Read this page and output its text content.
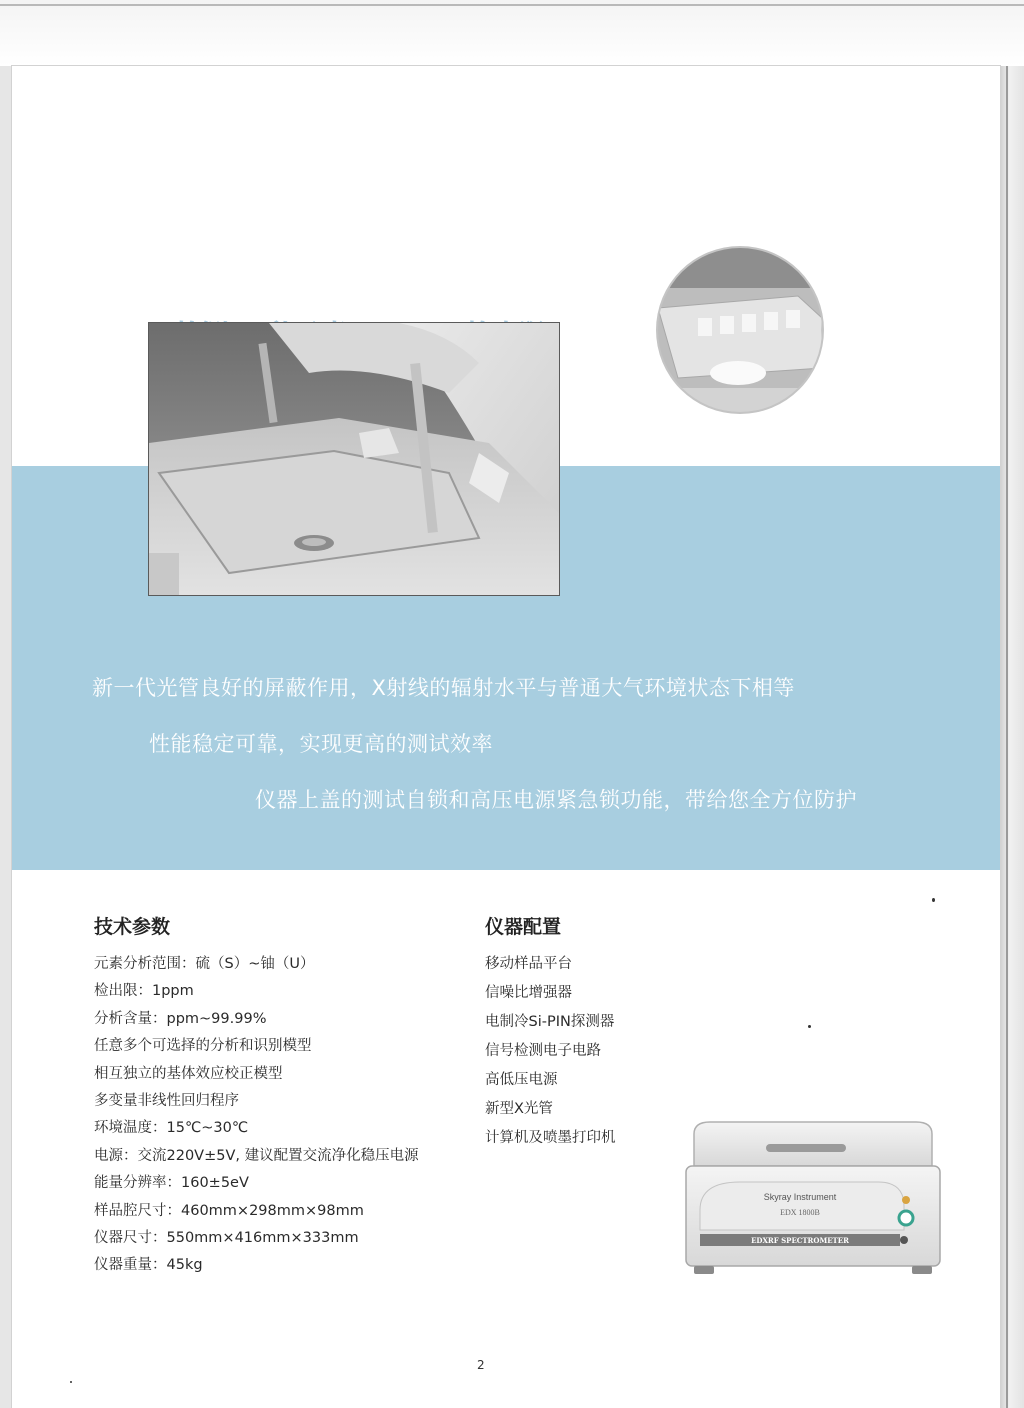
新一代光管良好的屏蔽作用，X射线的辐射水平与普通大气环境状态下相等
性能稳定可靠，实现更高的测试效率
仪器上盖的测试自锁和高压电源紧急锁功能，带给您全方位防护
技术参数
元素分析范围：硫（S）~铀（U）
检出限：1ppm
分析含量：ppm~99.99%
任意多个可选择的分析和识别模型
相互独立的基体效应校正模型
多变量非线性回归程序
环境温度：15℃~30℃
电源：交流220V±5V, 建议配置交流净化稳压电源
能量分辨率：160±5eV
样品腔尺寸：460mm×298mm×98mm
仪器尺寸：550mm×416mm×333mm
仪器重量：45kg
仪器配置
移动样品平台
信噪比增强器
电制冷Si-PIN探测器
信号检测电子电路
高低压电源
新型X光管
计算机及喷墨打印机
Skyray Instrument
EDX 1800B
EDXRF SPECTROMETER
2
